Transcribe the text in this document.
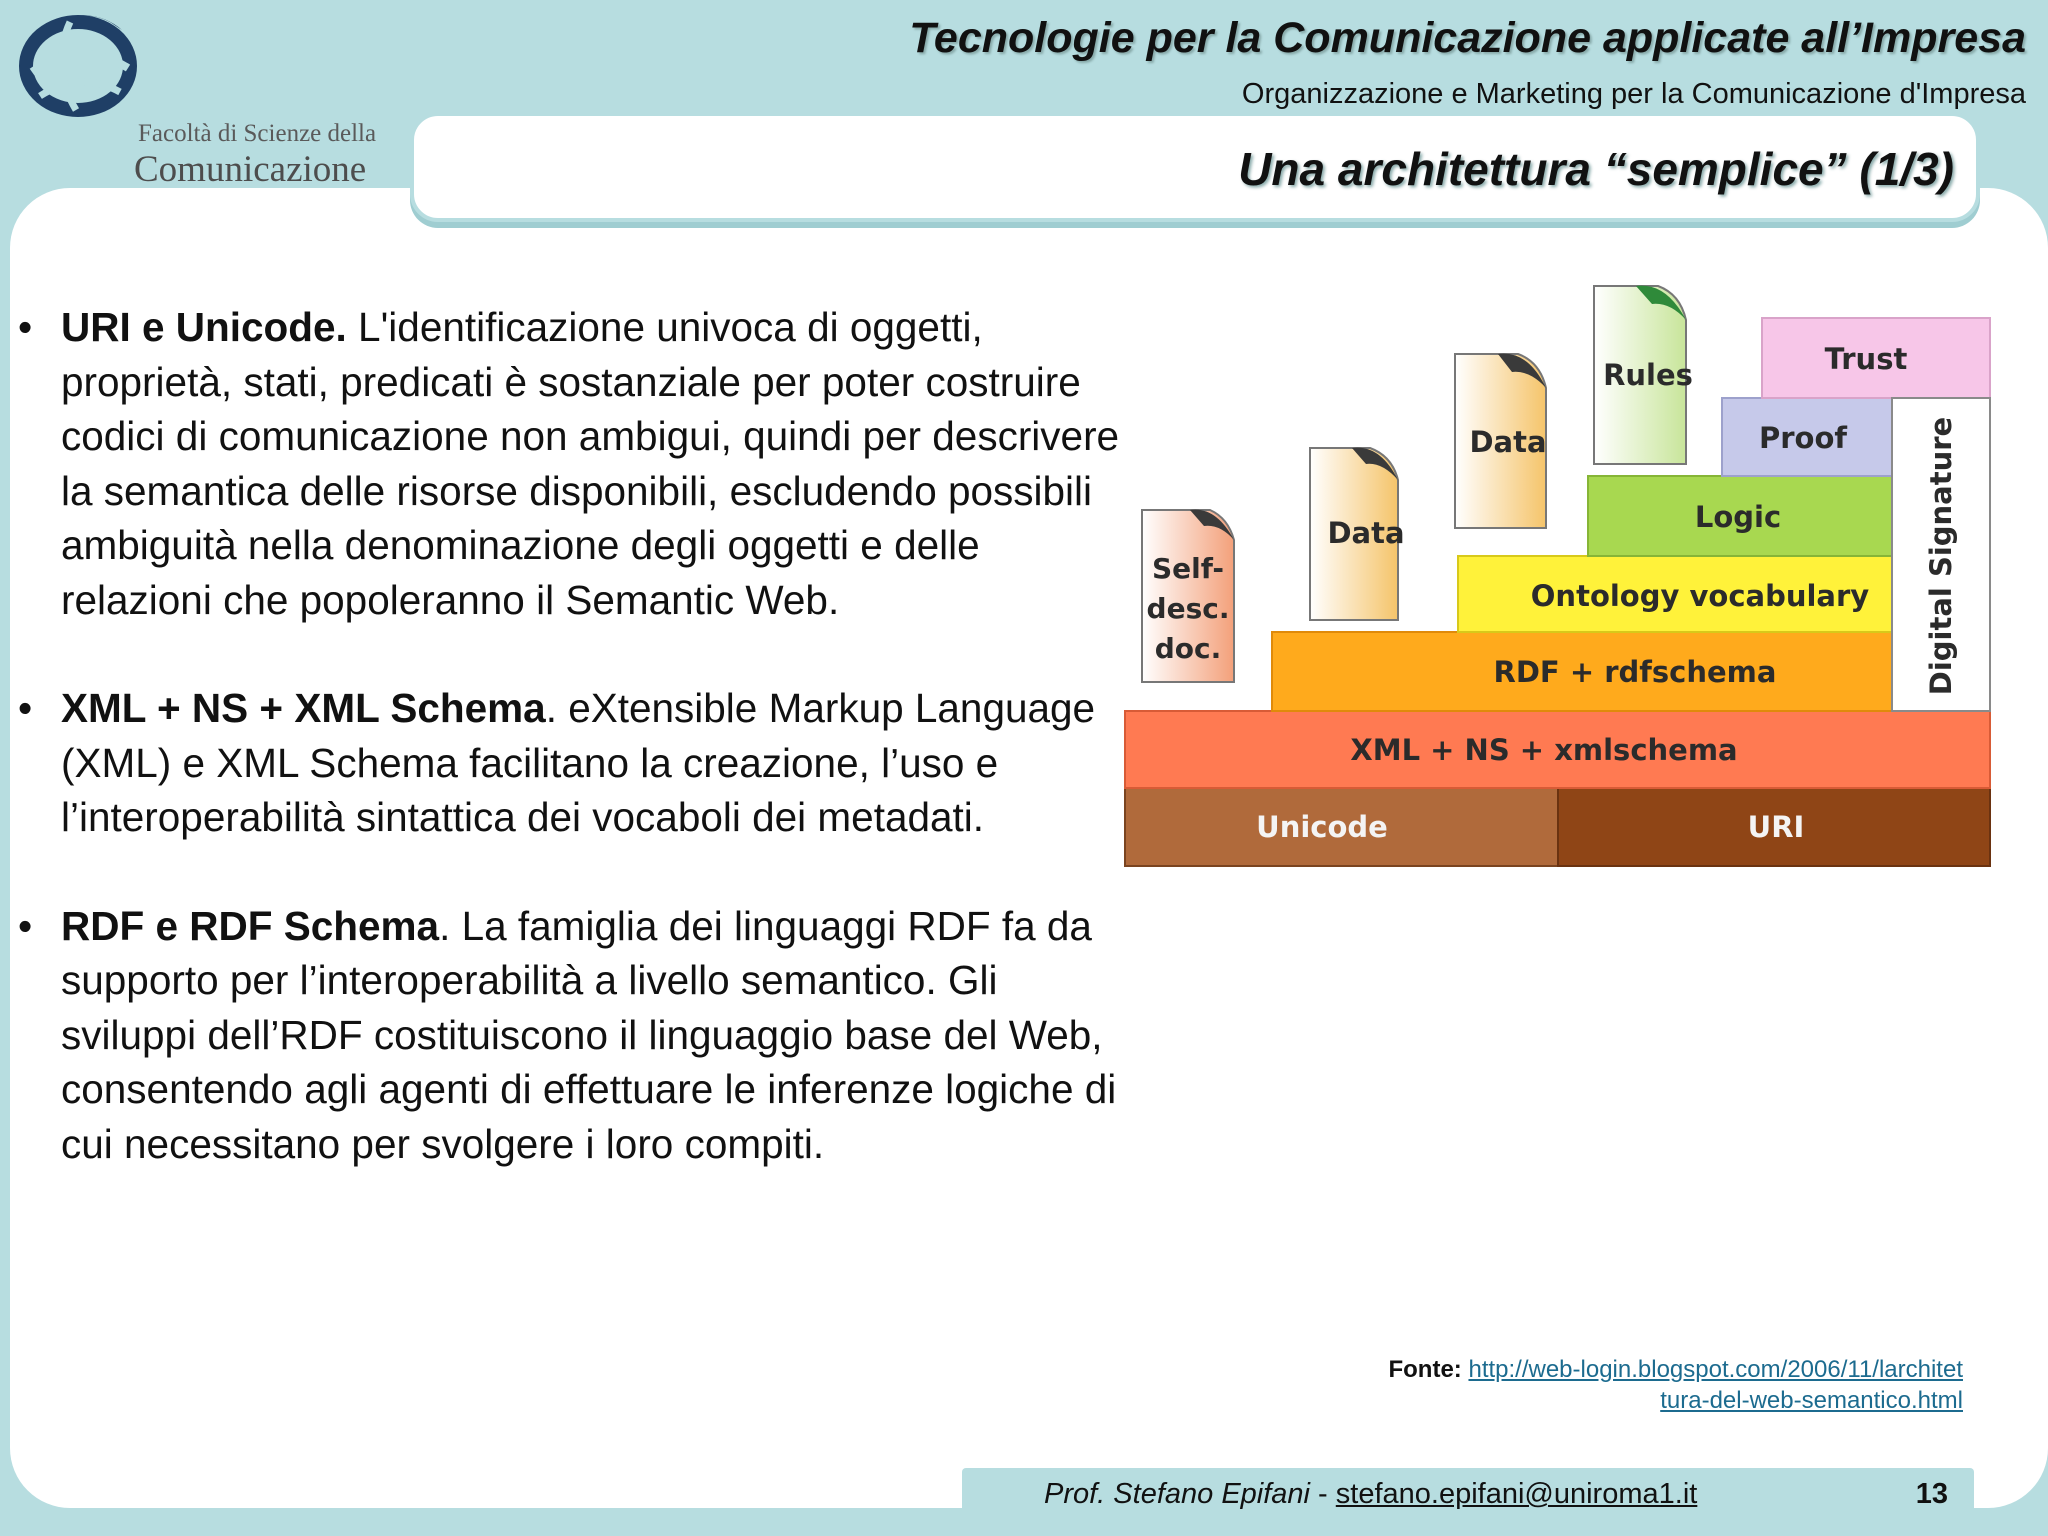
Facoltà di Scienze della
Comunicazione
Tecnologie per la Comunicazione applicate all’Impresa
Organizzazione e Marketing per la Comunicazione d'Impresa
Una architettura “semplice” (1/3)
• URI e Unicode. L'identificazione univoca di oggetti, proprietà, stati, predicati è sostanziale per poter costruire codici di comunicazione non ambigui, quindi per descrivere la semantica delle risorse disponibili, escludendo possibili ambiguità nella denominazione degli oggetti e delle relazioni che popoleranno il Semantic Web.
• XML + NS + XML Schema. eXtensible Markup Language (XML) e XML Schema facilitano la creazione, l’uso e l’interoperabilità sintattica dei vocaboli dei metadati.
• RDF e RDF Schema. La famiglia dei linguaggi RDF fa da supporto per l’interoperabilità a livello semantico. Gli sviluppi dell’RDF costituiscono il linguaggio base del Web, consentendo agli agenti di effettuare le inferenze logiche di cui necessitano per svolgere i loro compiti.
Unicode	URI
XML + NS + xmlschema
RDF + rdfschema
Ontology vocabulary
Logic
Proof
Trust
Digital Signature
Self-
desc.
doc.
Data
Data
Rules
Fonte: http://web-login.blogspot.com/2006/11/larchitettura-del-web-semantico.html
Prof. Stefano Epifani - stefano.epifani@uniroma1.it	13
